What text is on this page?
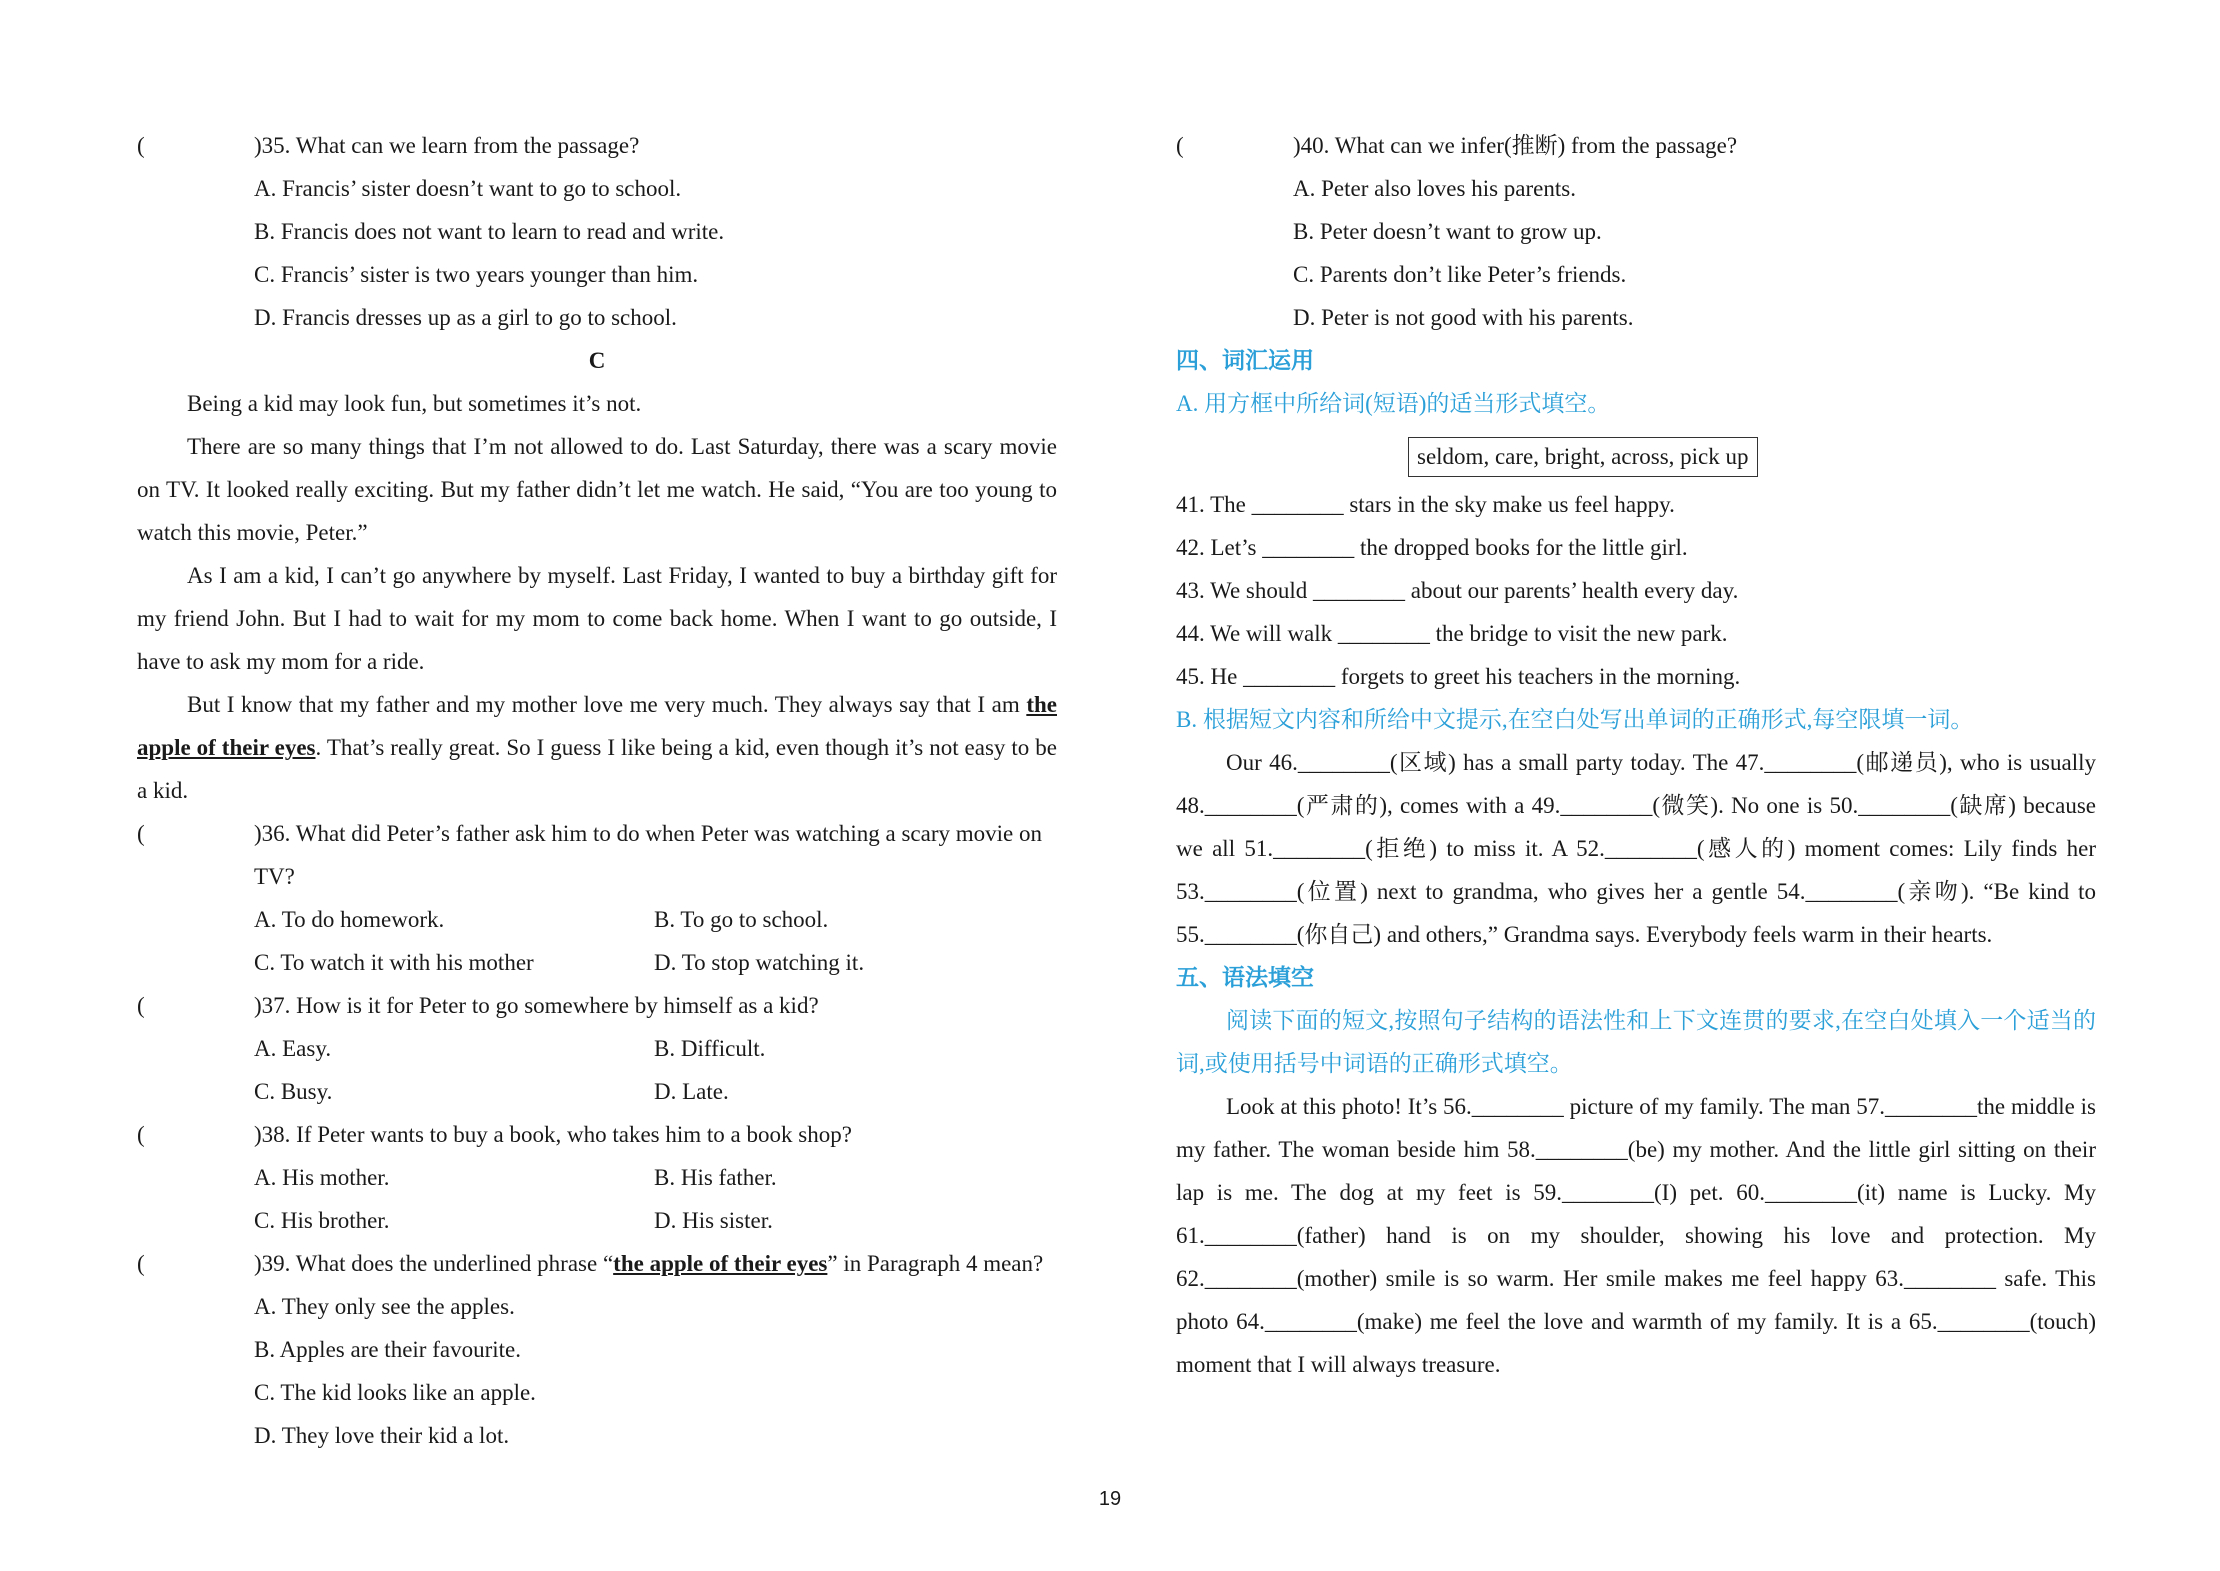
(	)35. What can we learn from the passage?
A. Francis’ sister doesn’t want to go to school.
B. Francis does not want to learn to read and write.
C. Francis’ sister is two years younger than him.
D. Francis dresses up as a girl to go to school.
C
Being a kid may look fun, but sometimes it’s not.
There are so many things that I’m not allowed to do. Last Saturday, there was a scary movie on TV. It looked really exciting. But my father didn’t let me watch. He said, “You are too young to watch this movie, Peter.”
As I am a kid, I can’t go anywhere by myself. Last Friday, I wanted to buy a birthday gift for my friend John. But I had to wait for my mom to come back home. When I want to go outside, I have to ask my mom for a ride.
But I know that my father and my mother love me very much. They always say that I am the apple of their eyes. That’s really great. So I guess I like being a kid, even though it’s not easy to be a kid.
(	)36. What did Peter’s father ask him to do when Peter was watching a scary movie on TV?
A. To do homework.	B. To go to school.
C. To watch it with his mother	D. To stop watching it.
(	)37. How is it for Peter to go somewhere by himself as a kid?
A. Easy.	B. Difficult.
C. Busy.	D. Late.
(	)38. If Peter wants to buy a book, who takes him to a book shop?
A. His mother.	B. His father.
C. His brother.	D. His sister.
(	)39. What does the underlined phrase “the apple of their eyes” in Paragraph 4 mean?
A. They only see the apples.
B. Apples are their favourite.
C. The kid looks like an apple.
D. They love their kid a lot.
(	)40. What can we infer(推断) from the passage?
A. Peter also loves his parents.
B. Peter doesn’t want to grow up.
C. Parents don’t like Peter’s friends.
D. Peter is not good with his parents.
四、词汇运用
A. 用方框中所给词(短语)的适当形式填空。
seldom, care, bright, across, pick up
41. The ________ stars in the sky make us feel happy.
42. Let’s ________ the dropped books for the little girl.
43. We should ________ about our parents’ health every day.
44. We will walk ________ the bridge to visit the new park.
45. He ________ forgets to greet his teachers in the morning.
B. 根据短文内容和所给中文提示,在空白处写出单词的正确形式,每空限填一词。
Our 46.________(区域) has a small party today. The 47.________(邮递员), who is usually 48.________(严肃的), comes with a 49.________(微笑). No one is 50.________(缺席) because we all 51.________(拒绝) to miss it. A 52.________(感人的) moment comes: Lily finds her 53.________(位置) next to grandma, who gives her a gentle 54.________(亲吻). “Be kind to 55.________(你自己) and others,” Grandma says. Everybody feels warm in their hearts.
五、语法填空
阅读下面的短文,按照句子结构的语法性和上下文连贯的要求,在空白处填入一个适当的词,或使用括号中词语的正确形式填空。
Look at this photo! It’s 56.________ picture of my family. The man 57.________the middle is my father. The woman beside him 58.________(be) my mother. And the little girl sitting on their lap is me. The dog at my feet is 59.________(I) pet. 60.________(it) name is Lucky. My 61.________(father) hand is on my shoulder, showing his love and protection. My 62.________(mother) smile is so warm. Her smile makes me feel happy 63.________ safe. This photo 64.________(make) me feel the love and warmth of my family. It is a 65.________(touch) moment that I will always treasure.
19
